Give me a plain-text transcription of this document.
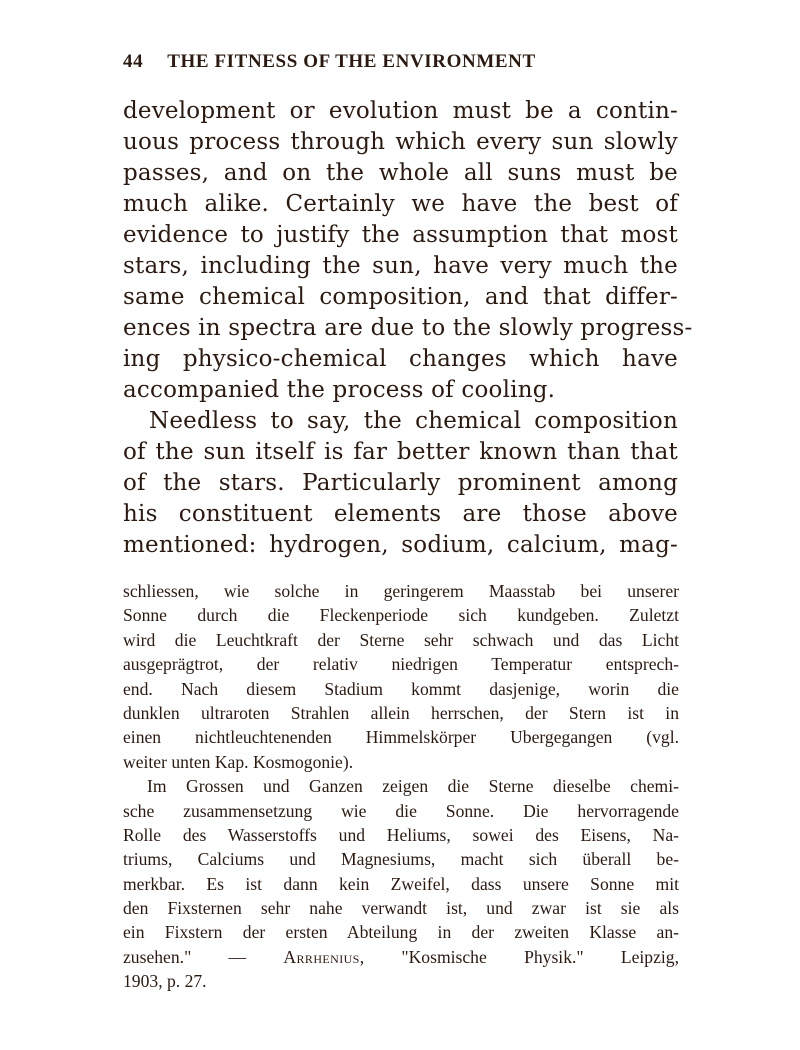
44 THE FITNESS OF THE ENVIRONMENT
development or evolution must be a contin-
uous process through which every sun slowly
passes, and on the whole all suns must be
much alike. Certainly we have the best of
evidence to justify the assumption that most
stars, including the sun, have very much the
same chemical composition, and that differ-
ences in spectra are due to the slowly progress-
ing physico-chemical changes which have
accompanied the process of cooling.
Needless to say, the chemical composition
of the sun itself is far better known than that
of the stars. Particularly prominent among
his constituent elements are those above
mentioned: hydrogen, sodium, calcium, mag-
schliessen, wie solche in geringerem Maasstab bei unserer
Sonne durch die Fleckenperiode sich kundgeben. Zuletzt
wird die Leuchtkraft der Sterne sehr schwach und das Licht
ausgeprägtrot, der relativ niedrigen Temperatur entsprech-
end. Nach diesem Stadium kommt dasjenige, worin die
dunklen ultraroten Strahlen allein herrschen, der Stern ist in
einen nichtleuchtenenden Himmelskörper Ubergegangen (vgl.
weiter unten Kap. Kosmogonie).
Im Grossen und Ganzen zeigen die Sterne dieselbe chemi-
sche zusammensetzung wie die Sonne. Die hervorragende
Rolle des Wasserstoffs und Heliums, sowei des Eisens, Na-
triums, Calciums und Magnesiums, macht sich überall be-
merkbar. Es ist dann kein Zweifel, dass unsere Sonne mit
den Fixsternen sehr nahe verwandt ist, und zwar ist sie als
ein Fixstern der ersten Abteilung in der zweiten Klasse an-
zusehen." — Arrhenius, "Kosmische Physik." Leipzig,
1903, p. 27.
